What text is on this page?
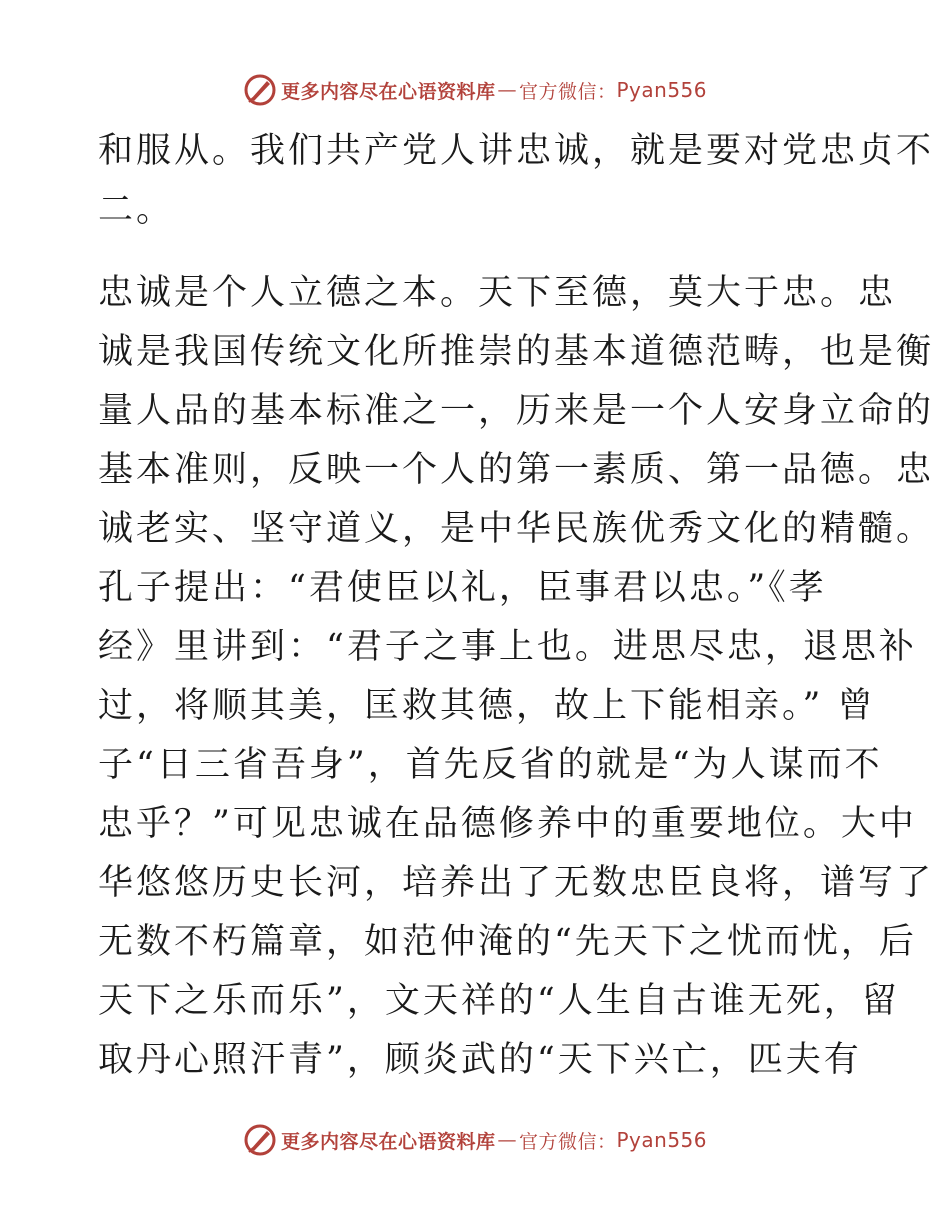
更多内容尽在心语资料库 — 官方微信： Pyan556
和服从。我们共产党人讲忠诚，就是要对党忠贞不
二。
忠诚是个人立德之本。天下至德，莫大于忠。忠
诚是我国传统文化所推崇的基本道德范畴，也是衡
量人品的基本标准之一，历来是一个人安身立命的
基本准则，反映一个人的第一素质、第一品德。忠
诚老实、坚守道义，是中华民族优秀文化的精髓。
孔子提出：“君使臣以礼，臣事君以忠。”《孝
经》里讲到：“君子之事上也。进思尽忠，退思补
过，将顺其美，匡救其德，故上下能相亲。” 曾
子“日三省吾身”，首先反省的就是“为人谋而不
忠乎？”可见忠诚在品德修养中的重要地位。大中
华悠悠历史长河，培养出了无数忠臣良将，谱写了
无数不朽篇章，如范仲淹的“先天下之忧而忧，后
天下之乐而乐”，文天祥的“人生自古谁无死，留
取丹心照汗青”，顾炎武的“天下兴亡，匹夫有
更多内容尽在心语资料库 — 官方微信： Pyan556
